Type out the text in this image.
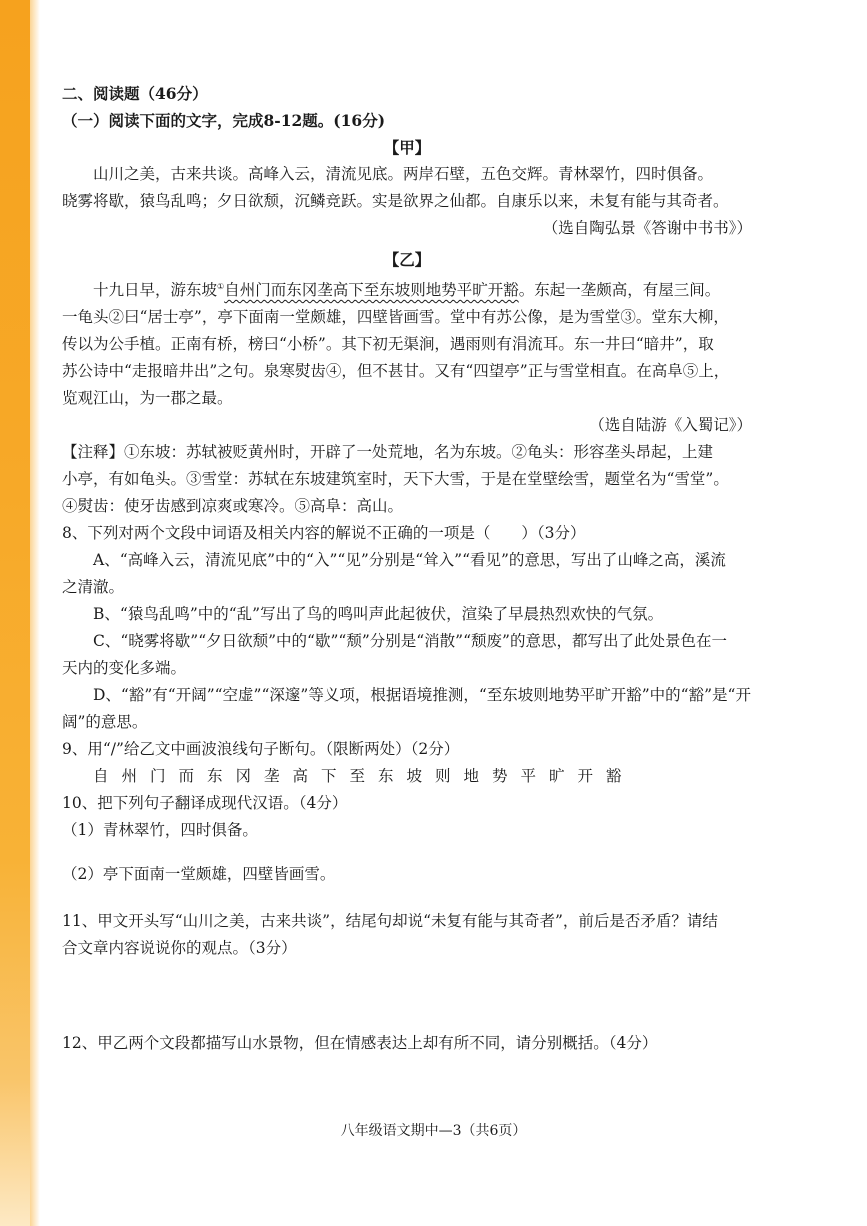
二、阅读题（46分）
（一）阅读下面的文字，完成8-12题。(16分)
【甲】
山川之美，古来共谈。高峰入云，清流见底。两岸石壁，五色交辉。青林翠竹，四时俱备。
晓雾将歇，猿鸟乱鸣；夕日欲颓，沉鳞竞跃。实是欲界之仙都。自康乐以来，未复有能与其奇者。
（选自陶弘景《答谢中书书》）
【乙】
十九日早，游东坡①自州门而东冈垄高下至东坡则地势平旷开豁。东起一垄颇高，有屋三间。
一龟头②曰“居士亭”，亭下面南一堂颇雄，四壁皆画雪。堂中有苏公像，是为雪堂③。堂东大柳，
传以为公手植。正南有桥，榜曰“小桥”。其下初无渠涧，遇雨则有涓流耳。东一井曰“暗井”，取
苏公诗中“走报暗井出”之句。泉寒熨齿④，但不甚甘。又有“四望亭”正与雪堂相直。在高阜⑤上，
览观江山，为一郡之最。
（选自陆游《入蜀记》）
【注释】①东坡：苏轼被贬黄州时，开辟了一处荒地，名为东坡。②龟头：形容垄头昂起，上建
小亭，有如龟头。③雪堂：苏轼在东坡建筑室时，天下大雪，于是在堂壁绘雪，题堂名为“雪堂”。
④熨齿：使牙齿感到凉爽或寒冷。⑤高阜：高山。
8、下列对两个文段中词语及相关内容的解说不正确的一项是（　　）（3分）
A、“高峰入云，清流见底”中的“入”“见”分别是“耸入”“看见”的意思，写出了山峰之高，溪流
之清澈。
B、“猿鸟乱鸣”中的“乱”写出了鸟的鸣叫声此起彼伏，渲染了早晨热烈欢快的气氛。
C、“晓雾将歇”“夕日欲颓”中的“歇”“颓”分别是“消散”“颓废”的意思，都写出了此处景色在一
天内的变化多端。
D、“豁”有“开阔”“空虚”“深邃”等义项，根据语境推测，“至东坡则地势平旷开豁”中的“豁”是“开
阔”的意思。
9、用“/”给乙文中画波浪线句子断句。（限断两处）（2分）
自州门而东冈垄高下至东坡则地势平旷开豁
10、把下列句子翻译成现代汉语。（4分）
（1）青林翠竹，四时俱备。
（2）亭下面南一堂颇雄，四壁皆画雪。
11、甲文开头写“山川之美，古来共谈”，结尾句却说“未复有能与其奇者”，前后是否矛盾？请结
合文章内容说说你的观点。（3分）
12、甲乙两个文段都描写山水景物，但在情感表达上却有所不同，请分别概括。（4分）
八年级语文期中—3（共6页）
